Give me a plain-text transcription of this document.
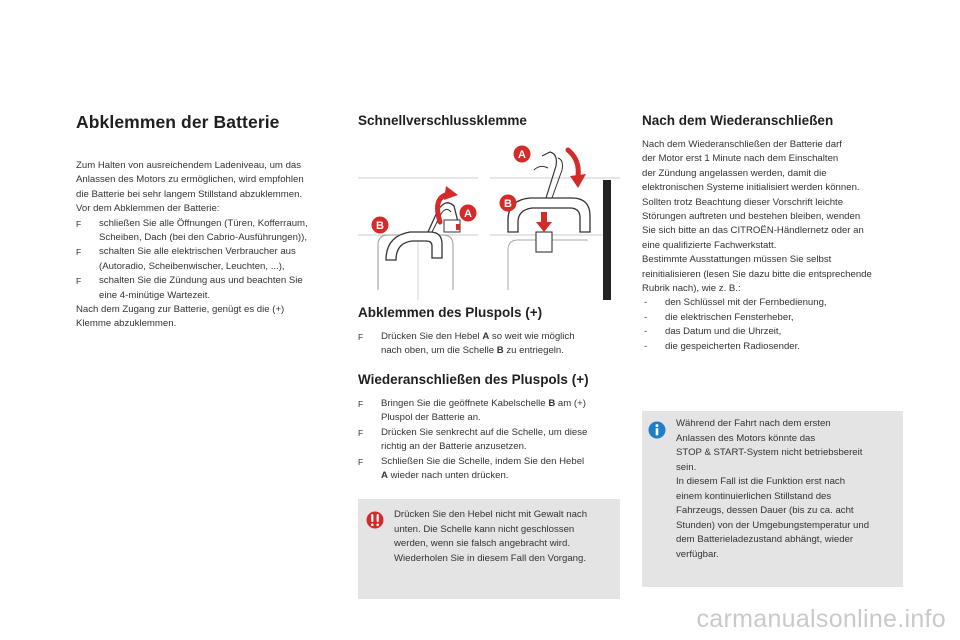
Abklemmen der Batterie

Zum Halten von ausreichendem Ladeniveau, um das

Anlassen des Motors zu ermöglichen, wird empfohlen

die Batterie bei sehr langem Stillstand abzuklemmen.

Vor dem Abklemmen der Batterie:

F schließen Sie alle Öffnungen (Türen, Kofferraum,
Scheiben, Dach (bei den Cabrio-Ausführungen)),
F schalten Sie alle elektrischen Verbraucher aus
(Autoradio, Scheibenwischer, Leuchten, ...),
F schalten Sie die Zündung aus und beachten Sie
eine 4-minütige Wartezeit.

Nach dem Zugang zur Batterie, genügt es die (+)

Klemme abzuklemmen.

Schnellverschlussklemme
B
A
A
B
Abklemmen des Pluspols (+)
F Drücken Sie den Hebel A so weit wie möglich
nach oben, um die Schelle B zu entriegeln.
Wiederanschließen des Pluspols (+)
F Bringen Sie die geöffnete Kabelschelle B am (+)
Pluspol der Batterie an.
F Drücken Sie senkrecht auf die Schelle, um diese
richtig an der Batterie anzusetzen.
F Schließen Sie die Schelle, indem Sie den Hebel
A wieder nach unten drücken.
Drücken Sie den Hebel nicht mit Gewalt nach
unten. Die Schelle kann nicht geschlossen
werden, wenn sie falsch angebracht wird.
Wiederholen Sie in diesem Fall den Vorgang.
Nach dem Wiederanschließen

Nach dem Wiederanschließen der Batterie darf

der Motor erst 1 Minute nach dem Einschalten

der Zündung angelassen werden, damit die

elektronischen Systeme initialisiert werden können.

Sollten trotz Beachtung dieser Vorschrift leichte

Störungen auftreten und bestehen bleiben, wenden

Sie sich bitte an das CITROËN-Händlernetz oder an

eine qualifizierte Fachwerkstatt.

Bestimmte Ausstattungen müssen Sie selbst

reinitialisieren (lesen Sie dazu bitte die entsprechende

Rubrik nach), wie z. B.:

- den Schlüssel mit der Fernbedienung,
- die elektrischen Fensterheber,
- das Datum und die Uhrzeit,
- die gespeicherten Radiosender.
Während der Fahrt nach dem ersten
Anlassen des Motors könnte das
STOP & START-System nicht betriebsbereit
sein.
In diesem Fall ist die Funktion erst nach
einem kontinuierlichen Stillstand des
Fahrzeugs, dessen Dauer (bis zu ca. acht
Stunden) von der Umgebungstemperatur und
dem Batterieladezustand abhängt, wieder
verfügbar.
carmanualsonline.info
